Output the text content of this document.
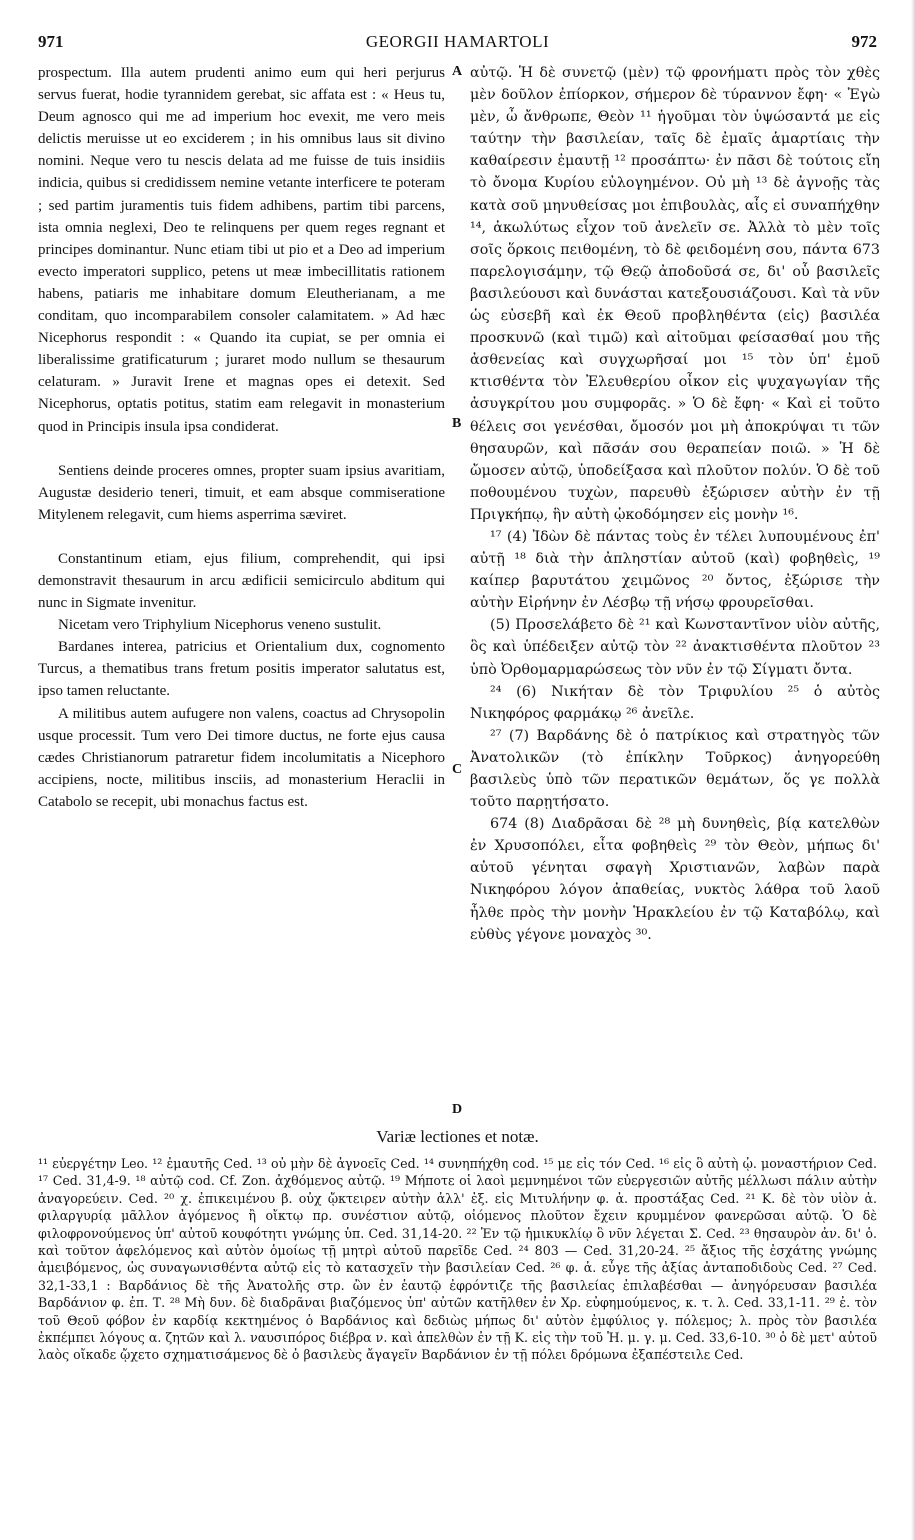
971	GEORGII HAMARTOLI	972

prospectum. Illa autem prudenti animo eum qui heri perjurus servus fuerat, hodie tyrannidem gerebat, sic affata est : « Heus tu, Deum agnosco qui me ad imperium hoc evexit, me vero meis delictis meruisse ut eo exciderem ; in his omnibus laus sit divino nomini. Neque vero tu nescis delata ad me fuisse de tuis insidiis indicia, quibus si credidissem nemine vetante interficere te poteram ; sed partim juramentis tuis fidem adhibens, partim tibi parcens, ista omnia neglexi, Deo te relinquens per quem reges regnant et principes dominantur. Nunc etiam tibi ut pio et a Deo ad imperium evecto imperatori supplico, petens ut meæ imbecillitatis rationem habens, patiaris me inhabitare domum Eleutherianam, a me conditam, quo incomparabilem consoler calamitatem. » Ad hæc Nicephorus respondit : « Quando ita cupiat, se per omnia ei liberalissime gratificaturum ; juraret modo nullum se thesaurum celaturam. » Juravit Irene et magnas opes ei detexit. Sed Nicephorus, optatis potitus, statim eam relegavit in monasterium quod in Principis insula ipsa condiderat.

Sentiens deinde proceres omnes, propter suam ipsius avaritiam, Augustæ desiderio teneri, timuit, et eam absque commiseratione Mitylenem relegavit, cum hiems asperrima sæviret.

Constantinum etiam, ejus filium, comprehendit, qui ipsi demonstravit thesaurum in arcu ædificii semicirculo abditum qui nunc in Sigmate invenitur.

Nicetam vero Triphylium Nicephorus veneno sustulit.

Bardanes interea, patricius et Orientalium dux, cognomento Turcus, a thematibus trans fretum positis imperator salutatus est, ipso tamen reluctante.

A militibus autem aufugere non valens, coactus ad Chrysopolin usque processit. Tum vero Dei timore ductus, ne forte ejus causa cædes Christianorum patraretur fidem incolumitatis a Nicephoro accipiens, nocte, militibus insciis, ad monasterium Heraclii in Catabolo se recepit, ubi monachus factus est.

A
B
C
D

αὐτῷ. Ἡ δὲ συνετῷ (μὲν) τῷ φρονήματι πρὸς τὸν χθὲς μὲν δοῦλον ἐπίορκον, σήμερον δὲ τύραννον ἔφη· « Ἐγὼ μὲν, ὦ ἄνθρωπε, Θεὸν ¹¹ ἡγοῦμαι τὸν ὑψώσαντά με εἰς ταύτην τὴν βασιλείαν, ταῖς δὲ ἐμαῖς ἁμαρτίαις τὴν καθαίρεσιν ἐμαυτῇ ¹² προσάπτω· ἐν πᾶσι δὲ τούτοις εἴη τὸ ὄνομα Κυρίου εὐλογημένον. Οὐ μὴ ¹³ δὲ ἀγνοῇς τὰς κατὰ σοῦ μηνυθείσας μοι ἐπιβουλὰς, αἷς εἰ συναπήχθην ¹⁴, ἀκωλύτως εἶχον τοῦ ἀνελεῖν σε. Ἀλλὰ τὸ μὲν τοῖς σοῖς ὅρκοις πειθομένη, τὸ δὲ φειδομένη σου, πάντα 673 παρελογισάμην, τῷ Θεῷ ἀποδοῦσά σε, δι' οὗ βασιλεῖς βασιλεύουσι καὶ δυνάσται κατεξουσιάζουσι. Καὶ τὰ νῦν ὡς εὐσεβῆ καὶ ἐκ Θεοῦ προβληθέντα (εἰς) βασιλέα προσκυνῶ (καὶ τιμῶ) καὶ αἰτοῦμαι φείσασθαί μου τῆς ἀσθενείας καὶ συγχωρῆσαί μοι ¹⁵ τὸν ὑπ' ἐμοῦ κτισθέντα τὸν Ἐλευθερίου οἶκον εἰς ψυχαγωγίαν τῆς ἀσυγκρίτου μου συμφορᾶς. » Ὁ δὲ ἔφη· « Καὶ εἰ τοῦτο θέλεις σοι γενέσθαι, ὄμοσόν μοι μὴ ἀποκρύψαι τι τῶν θησαυρῶν, καὶ πᾶσάν σου θεραπείαν ποιῶ. » Ἡ δὲ ὤμοσεν αὐτῷ, ὑποδείξασα καὶ πλοῦτον πολύν. Ὁ δὲ τοῦ ποθουμένου τυχὼν, παρευθὺ ἐξώρισεν αὐτὴν ἐν τῇ Πριγκήπῳ, ἣν αὐτὴ ᾠκοδόμησεν εἰς μονὴν ¹⁶.

¹⁷ (4) Ἰδὼν δὲ πάντας τοὺς ἐν τέλει λυπουμένους ἐπ' αὐτῇ ¹⁸ διὰ τὴν ἀπληστίαν αὐτοῦ (καὶ) φοβηθεὶς, ¹⁹ καίπερ βαρυτάτου χειμῶνος ²⁰ ὄντος, ἐξώρισε τὴν αὐτὴν Εἰρήνην ἐν Λέσβῳ τῇ νήσῳ φρουρεῖσθαι.

(5) Προσελάβετο δὲ ²¹ καὶ Κωνσταντῖνον υἱὸν αὐτῆς, ὃς καὶ ὑπέδειξεν αὐτῷ τὸν ²² ἀνακτισθέντα πλοῦτον ²³ ὑπὸ Ὀρθομαρμαρώσεως τὸν νῦν ἐν τῷ Σίγματι ὄντα.

²⁴ (6) Νικήταν δὲ τὸν Τριφυλίου ²⁵ ὁ αὐτὸς Νικηφόρος φαρμάκῳ ²⁶ ἀνεῖλε.

²⁷ (7) Βαρδάνης δὲ ὁ πατρίκιος καὶ στρατηγὸς τῶν Ἀνατολικῶν (τὸ ἐπίκλην Τοῦρκος) ἀνηγορεύθη βασιλεὺς ὑπὸ τῶν περατικῶν θεμάτων, ὅς γε πολλὰ τοῦτο παρῃτήσατο.

674 (8) Διαδρᾶσαι δὲ ²⁸ μὴ δυνηθεὶς, βίᾳ κατελθὼν ἐν Χρυσοπόλει, εἶτα φοβηθεὶς ²⁹ τὸν Θεὸν, μήπως δι' αὐτοῦ γένηται σφαγὴ Χριστιανῶν, λαβὼν παρὰ Νικηφόρου λόγον ἀπαθείας, νυκτὸς λάθρα τοῦ λαοῦ ἦλθε πρὸς τὴν μονὴν Ἡρακλείου ἐν τῷ Καταβόλῳ, καὶ εὐθὺς γέγονε μοναχὸς ³⁰.

Variæ lectiones et notæ.
¹¹ εὐεργέτην Leo. ¹² ἐμαυτῆς Ced. ¹³ οὐ μὴν δὲ ἀγνοεῖς Ced. ¹⁴ συνηπήχθη cod. ¹⁵ με εἰς τόν Ced. ¹⁶ εἰς ὃ αὐτὴ ᾠ. μοναστήριον Ced. ¹⁷ Ced. 31,4-9. ¹⁸ αὐτῷ cod. Cf. Zon. ἀχθόμενος αὐτῷ. ¹⁹ Μήποτε οἱ λαοὶ μεμνημένοι τῶν εὐεργεσιῶν αὐτῆς μέλλωσι πάλιν αὐτὴν ἀναγορεύειν. Ced. ²⁰ χ. ἐπικειμένου β. οὐχ ᾤκτειρεν αὐτὴν ἀλλ' ἐξ. εἰς Μιτυλήνην φ. ἀ. προστάξας Ced. ²¹ Κ. δὲ τὸν υἱὸν ἀ. φιλαργυρίᾳ μᾶλλον ἀγόμενος ἢ οἴκτῳ πρ. συνέστιον αὐτῷ, οἰόμενος πλοῦτον ἔχειν κρυμμένον φανερῶσαι αὐτῷ. Ὁ δὲ φιλοφρονούμενος ὑπ' αὐτοῦ κουφότητι γνώμης ὑπ. Ced. 31,14-20. ²² Ἐν τῷ ἡμικυκλίῳ ὃ νῦν λέγεται Σ. Ced. ²³ θησαυρὸν ἀν. δι' ὁ. καὶ τοῦτον ἀφελόμενος καὶ αὐτὸν ὁμοίως τῇ μητρὶ αὐτοῦ παρεῖδε Ced. ²⁴ 803 — Ced. 31,20-24. ²⁵ ἄξιος τῆς ἐσχάτης γνώμης ἀμειβόμενος, ὡς συναγωνισθέντα αὐτῷ εἰς τὸ κατασχεῖν τὴν βασιλείαν Ced. ²⁶ φ. ἀ. εὖγε τῆς ἀξίας ἀνταποδιδοὺς Ced. ²⁷ Ced. 32,1-33,1 : Βαρδάνιος δὲ τῆς Ἀνατολῆς στρ. ὢν ἐν ἑαυτῷ ἐφρόντιζε τῆς βασιλείας ἐπιλαβέσθαι — ἀνηγόρευσαν βασιλέα Βαρδάνιον φ. ἐπ. Τ. ²⁸ Μὴ δυν. δὲ διαδρᾶναι βιαζόμενος ὑπ' αὐτῶν κατῆλθεν ἐν Χρ. εὐφημούμενος, κ. τ. λ. Ced. 33,1-11. ²⁹ ἐ. τὸν τοῦ Θεοῦ φόβον ἐν καρδίᾳ κεκτημένος ὁ Βαρδάνιος καὶ δεδιὼς μήπως δι' αὐτὸν ἐμφύλιος γ. πόλεμος; λ. πρὸς τὸν βασιλέα ἐκπέμπει λόγους α. ζητῶν καὶ λ. ναυσιπόρος διέβρα ν. καὶ ἀπελθὼν ἐν τῇ Κ. εἰς τὴν τοῦ Ἡ. μ. γ. μ. Ced. 33,6-10. ³⁰ ὁ δὲ μετ' αὐτοῦ λαὸς οἴκαδε ᾤχετο σχηματισάμενος δὲ ὁ βασιλεὺς ἄγαγεῖν Βαρδάνιον ἐν τῇ πόλει δρόμωνα ἐξαπέστειλε Ced.
